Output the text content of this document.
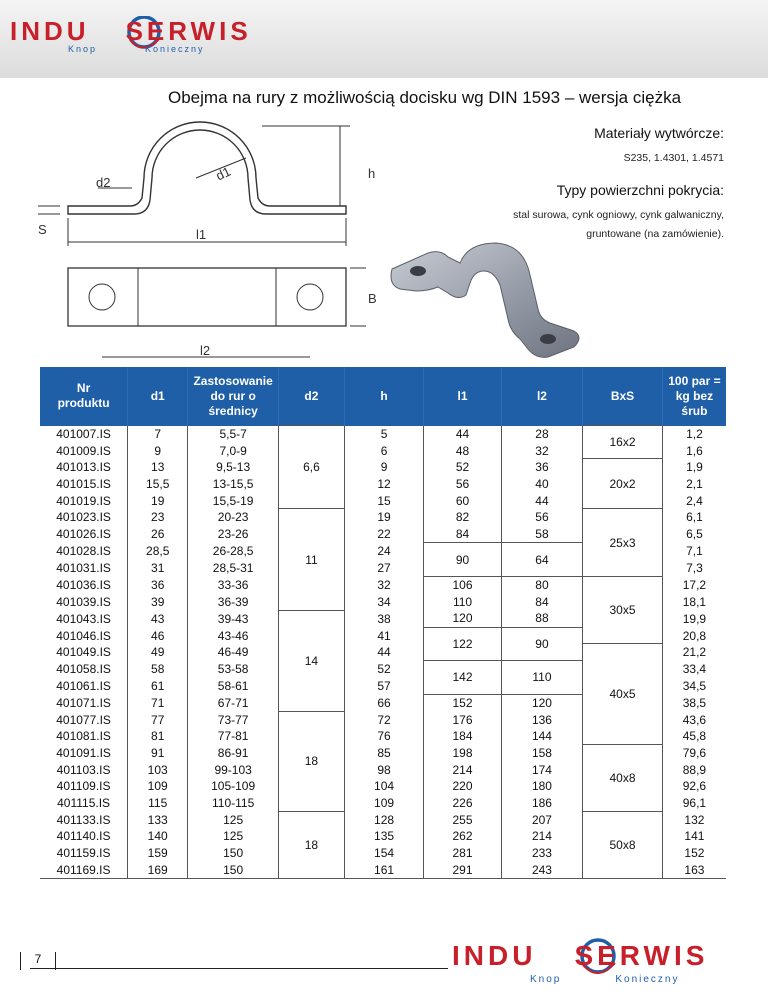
INDU SERWIS
Knop	Konieczny
Obejma na rury z możliwością docisku wg DIN 1593 – wersja ciężka
Materiały wytwórcze:
S235, 1.4301, 1.4571
Typy powierzchni pokrycia:
stal surowa, cynk ogniowy, cynk galwaniczny,
gruntowane (na zamówienie).
d2	d1	h
S	l1
B
l2
Nr
produktu	d1	Zastosowanie
do rur o
średnicy	d2	h	l1	l2	BxS	100 par =
kg bez
śrub
401007.IS	7	5,5-7	6,6	5	44	28	16x2	1,2
401009.IS	9	7,0-9		6	48	32		1,6
401013.IS	13	9,5-13		9	52	36	20x2	1,9
401015.IS	15,5	13-15,5		12	56	40		2,1
401019.IS	19	15,5-19		15	60	44		2,4
401023.IS	23	20-23	11	19	82	56	25x3	6,1
401026.IS	26	23-26		22	84	58		6,5
401028.IS	28,5	26-28,5		24	90	64		7,1
401031.IS	31	28,5-31		27				7,3
401036.IS	36	33-36		32	106	80	30x5	17,2
401039.IS	39	36-39		34	110	84		18,1
401043.IS	43	39-43	14	38	120	88		19,9
401046.IS	46	43-46		41	122	90		20,8
401049.IS	49	46-49		44			40x5	21,2
401058.IS	58	53-58		52	142	110		33,4
401061.IS	61	58-61		57				34,5
401071.IS	71	67-71		66	152	120		38,5
401077.IS	77	73-77	18	72	176	136		43,6
401081.IS	81	77-81		76	184	144		45,8
401091.IS	91	86-91		85	198	158	40x8	79,6
401103.IS	103	99-103		98	214	174		88,9
401109.IS	109	105-109		104	220	180		92,6
401115.IS	115	110-115		109	226	186		96,1
401133.IS	133	125	18	128	255	207	50x8	132
401140.IS	140	125		135	262	214		141
401159.IS	159	150		154	281	233		152
401169.IS	169	150		161	291	243		163
INDU SERWIS
Knop	Konieczny
7
